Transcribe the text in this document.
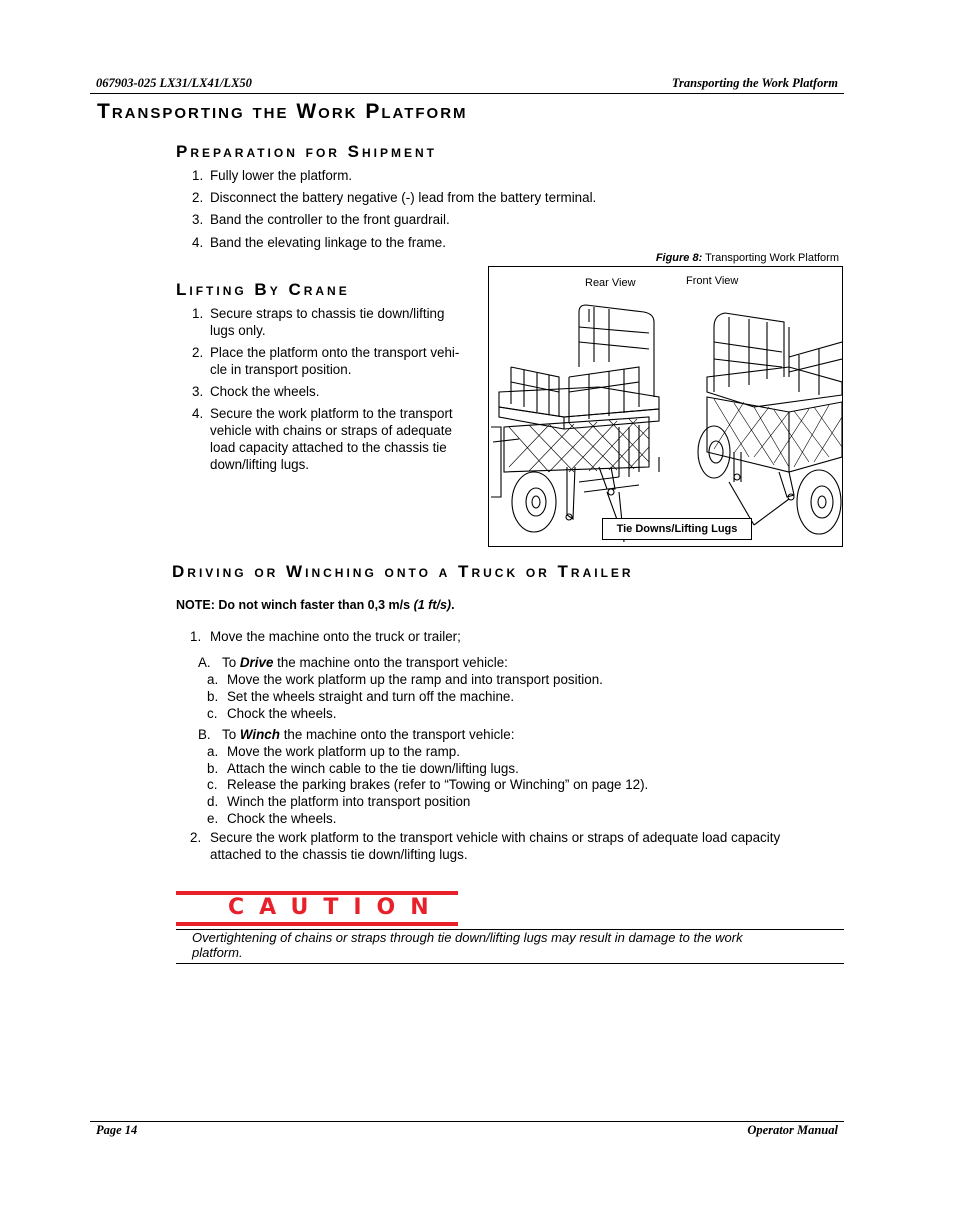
067903-025 LX31/LX41/LX50	Transporting the Work Platform
Transporting the Work Platform
Preparation for Shipment
1. Fully lower the platform.
2. Disconnect the battery negative (-) lead from the battery terminal.
3. Band the controller to the front guardrail.
4. Band the elevating linkage to the frame.
Figure 8: Transporting Work Platform
Rear View	Front View
Tie Downs/Lifting Lugs
Lifting By Crane
1. Secure straps to chassis tie down/lifting
lugs only.
2. Place the platform onto the transport vehi-
cle in transport position.
3. Chock the wheels.
4. Secure the work platform to the transport
vehicle with chains or straps of adequate
load capacity attached to the chassis tie
down/lifting lugs.
Driving or Winching onto a Truck or Trailer
NOTE: Do not winch faster than 0,3 m/s (1 ft/s).
1. Move the machine onto the truck or trailer;
A. To Drive the machine onto the transport vehicle:
a. Move the work platform up the ramp and into transport position.
b. Set the wheels straight and turn off the machine.
c. Chock the wheels.
B. To Winch the machine onto the transport vehicle:
a. Move the work platform up to the ramp.
b. Attach the winch cable to the tie down/lifting lugs.
c. Release the parking brakes (refer to “Towing or Winching” on page 12).
d. Winch the platform into transport position
e. Chock the wheels.
2. Secure the work platform to the transport vehicle with chains or straps of adequate load capacity
attached to the chassis tie down/lifting lugs.
CAUTION
Overtightening of chains or straps through tie down/lifting lugs may result in damage to the work
platform.
Page 14	Operator Manual
